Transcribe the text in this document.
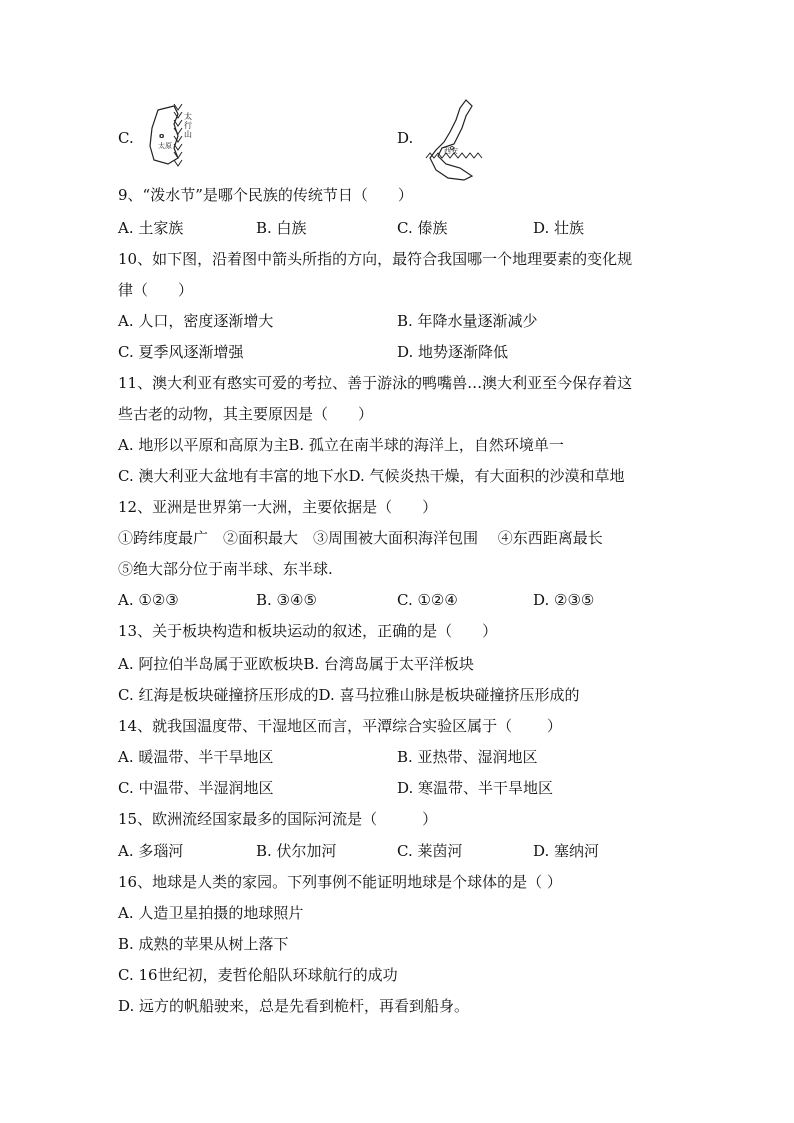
C.	太原
O
太行山	D.
西安
9、“泼水节”是哪个民族的传统节日（　　）
A. 土家族	B. 白族	C. 傣族	D. 壮族
10、如下图，沿着图中箭头所指的方向，最符合我国哪一个地理要素的变化规
律（　　）
A. 人口，密度逐渐增大	B. 年降水量逐渐减少
C. 夏季风逐渐增强	D. 地势逐渐降低
11、澳大利亚有憨实可爱的考拉、善于游泳的鸭嘴兽…澳大利亚至今保存着这
些古老的动物，其主要原因是（　　）
A. 地形以平原和高原为主B. 孤立在南半球的海洋上，自然环境单一
C. 澳大利亚大盆地有丰富的地下水D. 气候炎热干燥，有大面积的沙漠和草地
12、亚洲是世界第一大洲，主要依据是（　　）
①跨纬度最广　②面积最大　③周围被大面积海洋包围　 ④东西距离最长
⑤绝大部分位于南半球、东半球.
A. ①②③	B. ③④⑤	C. ①②④	D. ②③⑤
13、关于板块构造和板块运动的叙述，正确的是（　　）
A. 阿拉伯半岛属于亚欧板块B. 台湾岛属于太平洋板块
C. 红海是板块碰撞挤压形成的D. 喜马拉雅山脉是板块碰撞挤压形成的
14、就我国温度带、干湿地区而言，平潭综合实验区属于（　　 ）
A. 暖温带、半干旱地区	B. 亚热带、湿润地区
C. 中温带、半湿润地区	D. 寒温带、半干旱地区
15、欧洲流经国家最多的国际河流是（　　　）
A. 多瑙河	B. 伏尔加河	C. 莱茵河	D. 塞纳河
16、地球是人类的家园。下列事例不能证明地球是个球体的是（ ）
A. 人造卫星拍摄的地球照片
B. 成熟的苹果从树上落下
C. 16世纪初，麦哲伦船队环球航行的成功
D. 远方的帆船驶来，总是先看到桅杆，再看到船身。
